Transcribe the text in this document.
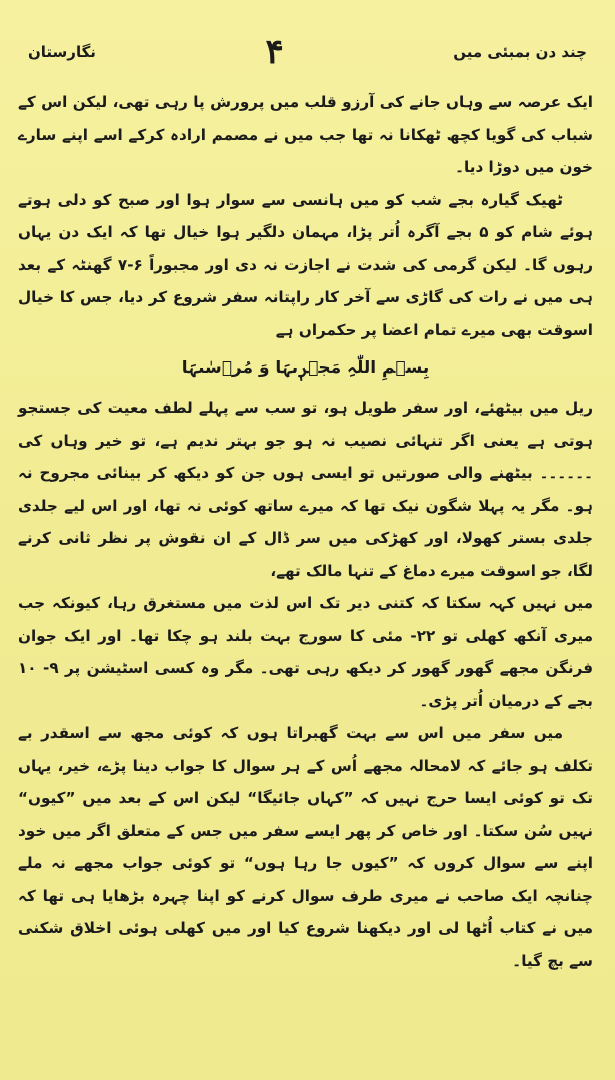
چند دن بمبئی میں
۴
نگارستان

ایک عرصہ سے وہاں جانے کی آرزو قلب میں پرورش پا رہی تھی، لیکن اس کے شباب کی گویا کچھ ٹھکانا نہ تھا جب میں نے مصمم ارادہ کرکے اسے اپنے سارے خون میں دوڑا دیا۔

ٹھیک گیارہ بجے شب کو میں ہانسی سے سوار ہوا اور صبح کو دلی ہوتے ہوئے شام کو ۵ بجے آگرہ اُتر پڑا، مہمان دلگیر ہوا خیال تھا کہ ایک دن یہاں رہوں گا۔ لیکن گرمی کی شدت نے اجازت نہ دی اور مجبوراً ۶-۷ گھنٹہ کے بعد ہی میں نے رات کی گاڑی سے آخر کار راپتانہ سفر شروع کر دیا، جس کا خیال اسوقت بھی میرے تمام اعضا پر حکمراں ہے

بِسۡمِ اللّٰہِ مَجۡرٖىہَا وَ مُرۡسٰىہَا

ریل میں بیٹھئے، اور سفر طویل ہو، تو سب سے پہلے لطف معیت کی جستجو ہوتی ہے یعنی اگر تنہائی نصیب نہ ہو جو بہتر ندیم ہے، تو خیر وہاں کی ۔۔۔۔۔۔ بیٹھنے والی صورتیں تو ایسی ہوں جن کو دیکھ کر بینائی مجروح نہ ہو۔ مگر یہ پہلا شگون نیک تھا کہ میرے ساتھ کوئی نہ تھا، اور اس لیے جلدی جلدی بستر کھولا، اور کھڑکی میں سر ڈال کے ان نقوش پر نظر ثانی کرنے لگا، جو اسوقت میرے دماغ کے تنہا مالک تھے،

میں نہیں کہہ سکتا کہ کتنی دیر تک اس لذت میں مستغرق رہا، کیونکہ جب میری آنکھ کھلی تو ۲۲- مئی کا سورج بہت بلند ہو چکا تھا۔ اور ایک جوان فرنگن مجھے گھور گھور کر دیکھ رہی تھی۔ مگر وہ کسی اسٹیشن پر ۹- ۱۰ بجے کے درمیان اُتر پڑی۔

میں سفر میں اس سے بہت گھبراتا ہوں کہ کوئی مجھ سے اسقدر بے تکلف ہو جائے کہ لامحالہ مجھے اُس کے ہر سوال کا جواب دینا پڑے، خیر، یہاں تک تو کوئی ایسا حرج نہیں کہ ”کہاں جائیگا“ لیکن اس کے بعد میں ”کیوں“ نہیں سُن سکتا۔ اور خاص کر پھر ایسے سفر میں جس کے متعلق اگر میں خود اپنے سے سوال کروں کہ ”کیوں جا رہا ہوں“ تو کوئی جواب مجھے نہ ملے چنانچہ ایک صاحب نے میری طرف سوال کرنے کو اپنا چہرہ بڑھایا ہی تھا کہ میں نے کتاب اُٹھا لی اور دیکھنا شروع کیا اور میں کھلی ہوئی اخلاق شکنی سے بچ گیا۔
